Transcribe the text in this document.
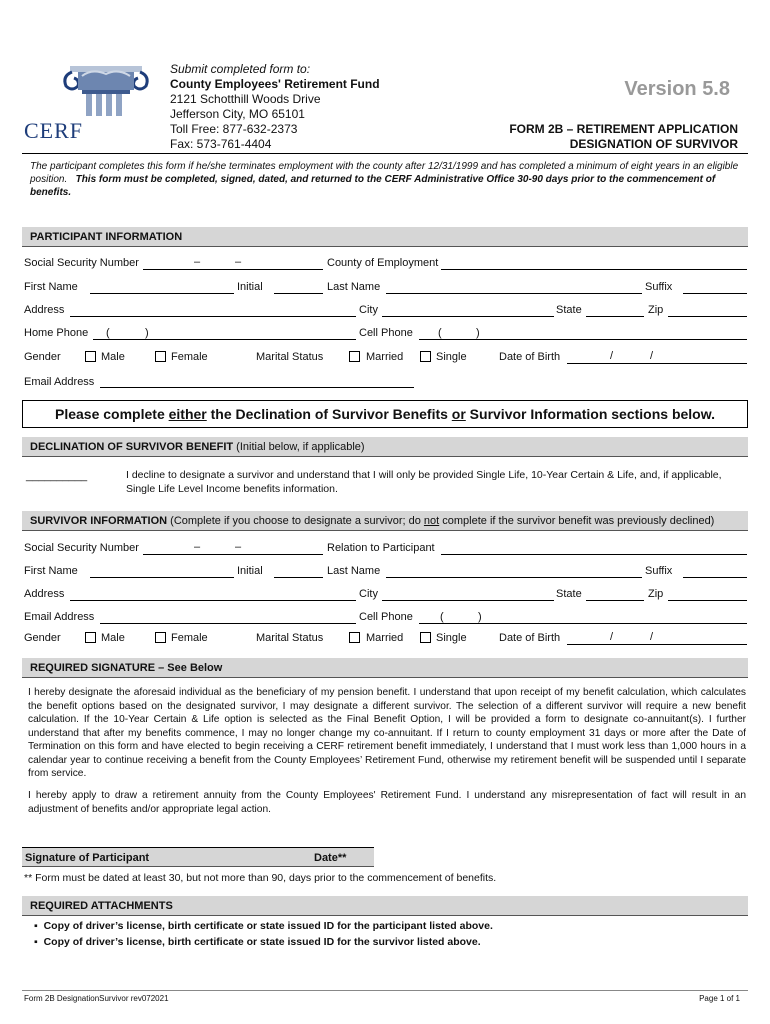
CERF
Submit completed form to:
County Employees' Retirement Fund
2121 Schotthill Woods Drive
Jefferson City, MO 65101
Toll Free: 877-632-2373
Fax: 573-761-4404
Version 5.8
FORM 2B – RETIREMENT APPLICATION
DESIGNATION OF SURVIVOR
The participant completes this form if he/she terminates employment with the county after 12/31/1999 and has completed a minimum of eight years in an eligible position. This form must be completed, signed, dated, and returned to the CERF Administrative Office 30-90 days prior to the commencement of benefits.
PARTICIPANT INFORMATION
Social Security Number	–	–	County of Employment
First Name	Initial	Last Name	Suffix
Address	City	State	Zip
Home Phone (	)	Cell Phone (	)
Gender	Male	Female	Marital Status	Married	Single	Date of Birth	/	/
Email Address
Please complete either the Declination of Survivor Benefits or Survivor Information sections below.
DECLINATION OF SURVIVOR BENEFIT (Initial below, if applicable)
__________	I decline to designate a survivor and understand that I will only be provided Single Life, 10-Year Certain & Life, and, if applicable, Single Life Level Income benefits information.
SURVIVOR INFORMATION (Complete if you choose to designate a survivor; do not complete if the survivor benefit was previously declined)
Social Security Number	–	–	Relation to Participant
First Name	Initial	Last Name	Suffix
Address	City	State	Zip
Email Address	Cell Phone (	)
Gender	Male	Female	Marital Status	Married	Single	Date of Birth	/	/
REQUIRED SIGNATURE – See Below
I hereby designate the aforesaid individual as the beneficiary of my pension benefit. I understand that upon receipt of my benefit calculation, which calculates the benefit options based on the designated survivor, I may designate a different survivor. The selection of a different survivor will require a new benefit calculation. If the 10-Year Certain & Life option is selected as the Final Benefit Option, I will be provided a form to designate co-annuitant(s). I further understand that after my benefits commence, I may no longer change my co-annuitant. If I return to county employment 31 days or more after the Date of Termination on this form and have elected to begin receiving a CERF retirement benefit immediately, I understand that I must work less than 1,000 hours in a calendar year to continue receiving a benefit from the County Employees’ Retirement Fund, otherwise my retirement benefit will be suspended until I separate from service.
I hereby apply to draw a retirement annuity from the County Employees' Retirement Fund. I understand any misrepresentation of fact will result in an adjustment of benefits and/or appropriate legal action.
Signature of Participant	Date**
** Form must be dated at least 30, but not more than 90, days prior to the commencement of benefits.
REQUIRED ATTACHMENTS
▪ Copy of driver’s license, birth certificate or state issued ID for the participant listed above.
▪ Copy of driver’s license, birth certificate or state issued ID for the survivor listed above.
Form 2B DesignationSurvivor rev072021	Page 1 of 1
